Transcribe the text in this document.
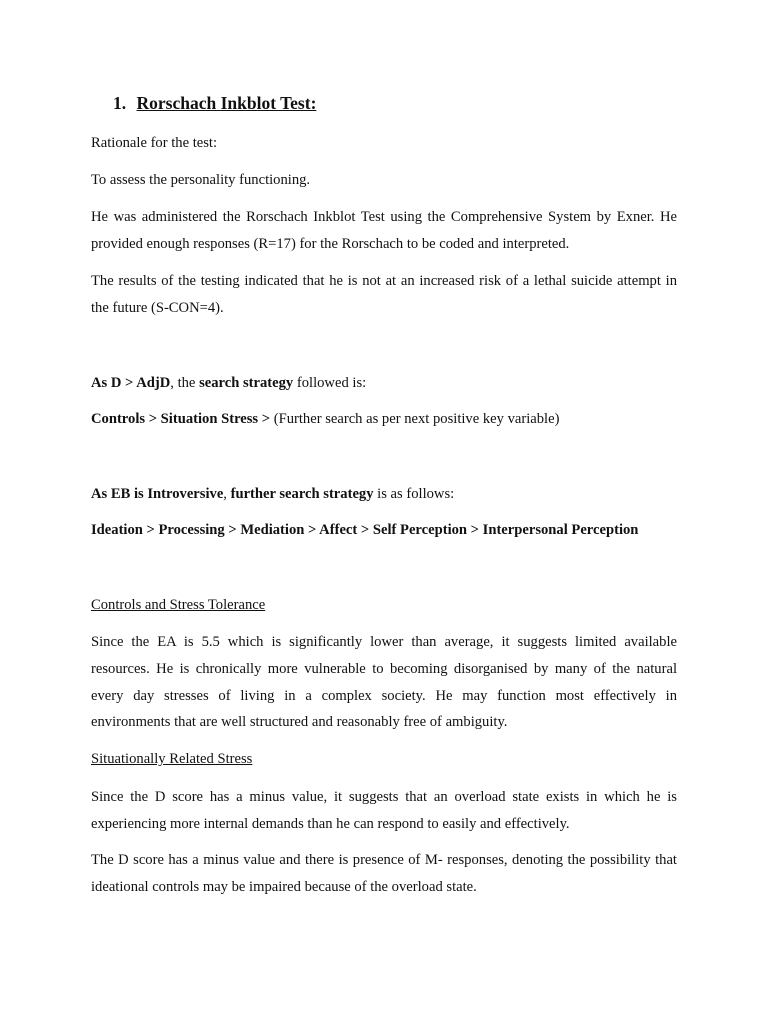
1. Rorschach Inkblot Test:
Rationale for the test:
To assess the personality functioning.
He was administered the Rorschach Inkblot Test using the Comprehensive System by Exner. He
provided enough responses (R=17) for the Rorschach to be coded and interpreted.
The results of the testing indicated that he is not at an increased risk of a lethal suicide attempt in
the future (S-CON=4).
As D > AdjD, the search strategy followed is:
Controls > Situation Stress > (Further search as per next positive key variable)
As EB is Introversive, further search strategy is as follows:
Ideation > Processing > Mediation > Affect > Self Perception > Interpersonal Perception
Controls and Stress Tolerance
Since the EA is 5.5 which is significantly lower than average, it suggests limited available
resources. He is chronically more vulnerable to becoming disorganised by many of the natural
every day stresses of living in a complex society. He may function most effectively in
environments that are well structured and reasonably free of ambiguity.
Situationally Related Stress
Since the D score has a minus value, it suggests that an overload state exists in which he is
experiencing more internal demands than he can respond to easily and effectively.
The D score has a minus value and there is presence of M- responses, denoting the possibility that
ideational controls may be impaired because of the overload state.
